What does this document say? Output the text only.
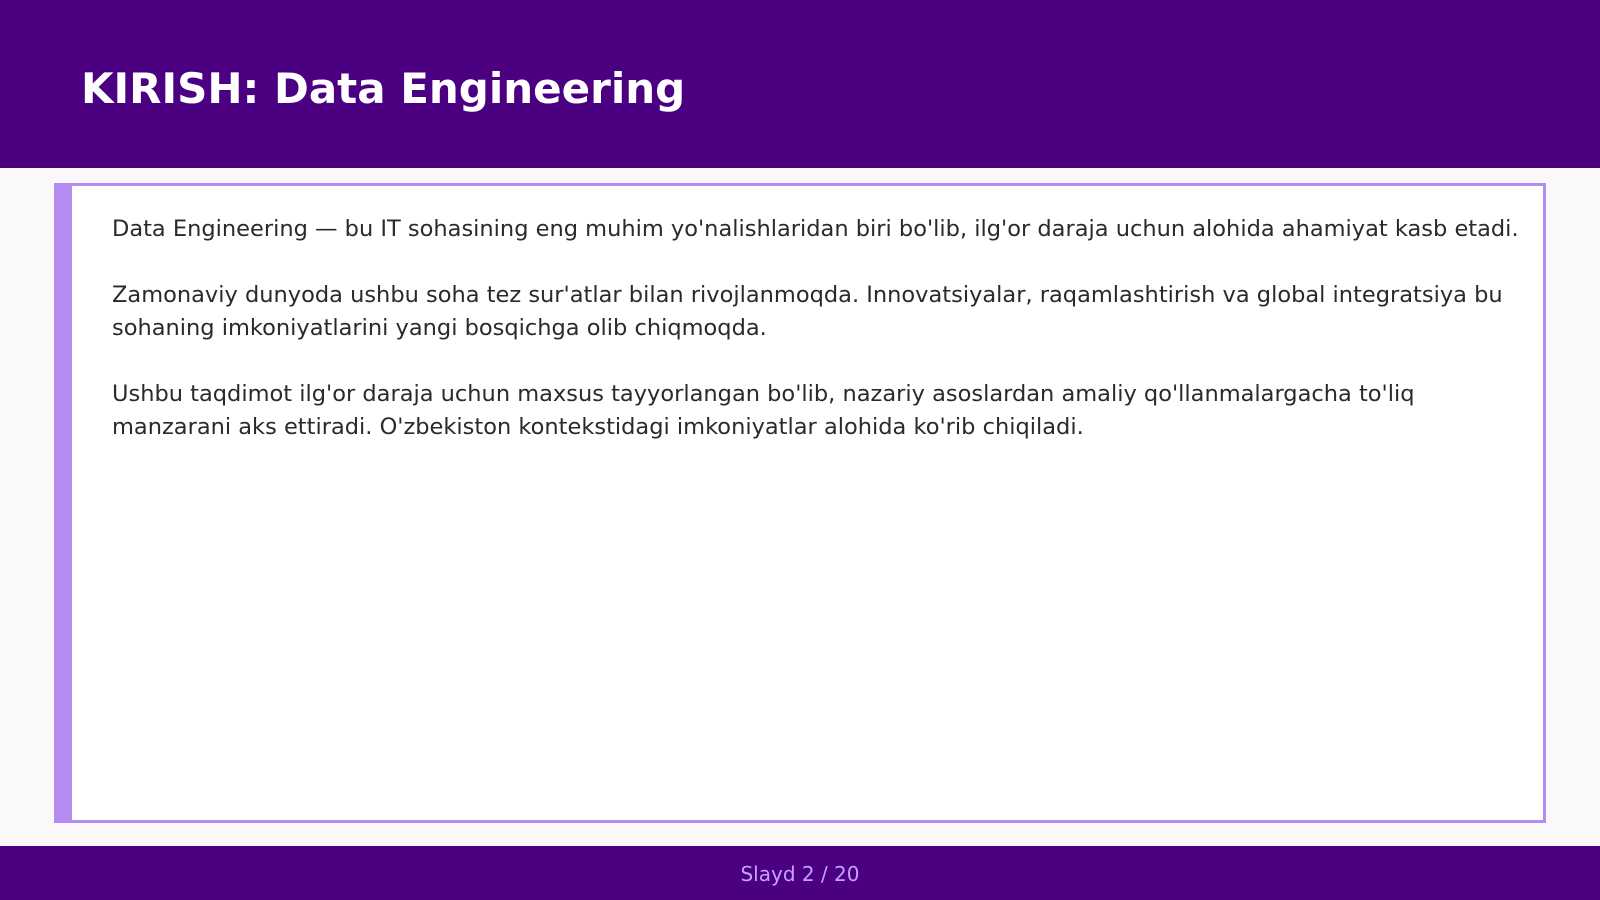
KIRISH: Data Engineering

Data Engineering — bu IT sohasining eng muhim yo'nalishlaridan biri bo'lib, ilg'or daraja uchun alohida ahamiyat kasb etadi.

Zamonaviy dunyoda ushbu soha tez sur'atlar bilan rivojlanmoqda. Innovatsiyalar, raqamlashtirish va global integratsiya bu sohaning imkoniyatlarini yangi bosqichga olib chiqmoqda.

Ushbu taqdimot ilg'or daraja uchun maxsus tayyorlangan bo'lib, nazariy asoslardan amaliy qo'llanmalargacha to'liq manzarani aks ettiradi. O'zbekiston kontekstidagi imkoniyatlar alohida ko'rib chiqiladi.

Slayd 2 / 20
